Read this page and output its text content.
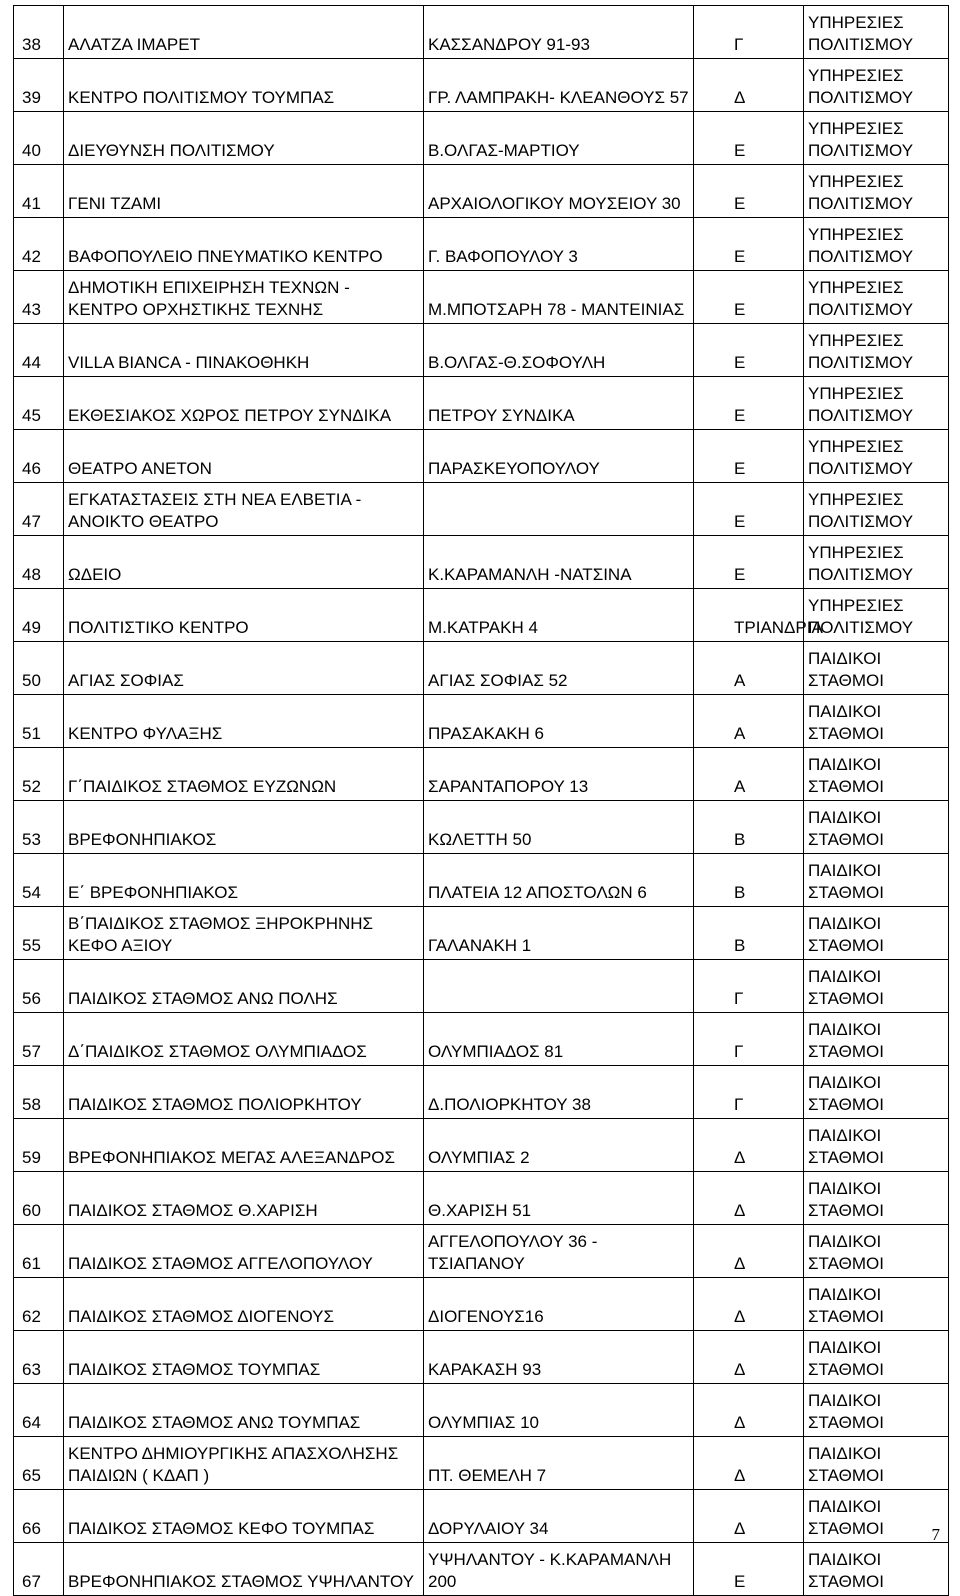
38	ΑΛΑΤΖΑ ΙΜΑΡΕΤ	ΚΑΣΣΑΝΔΡΟΥ 91-93	Γ	ΥΠΗΡΕΣΙΕΣ ΠΟΛΙΤΙΣΜΟΥ
39	ΚΕΝΤΡΟ ΠΟΛΙΤΙΣΜΟΥ ΤΟΥΜΠΑΣ	ΓΡ. ΛΑΜΠΡΑΚΗ- ΚΛΕΑΝΘΟΥΣ 57	Δ	ΥΠΗΡΕΣΙΕΣ ΠΟΛΙΤΙΣΜΟΥ
40	ΔΙΕΥΘΥΝΣΗ ΠΟΛΙΤΙΣΜΟΥ	Β.ΟΛΓΑΣ-ΜΑΡΤΙΟΥ	Ε	ΥΠΗΡΕΣΙΕΣ ΠΟΛΙΤΙΣΜΟΥ
41	ΓΕΝΙ ΤΖΑΜΙ	ΑΡΧΑΙΟΛΟΓΙΚΟΥ ΜΟΥΣΕΙΟΥ 30	Ε	ΥΠΗΡΕΣΙΕΣ ΠΟΛΙΤΙΣΜΟΥ
42	ΒΑΦΟΠΟΥΛΕΙΟ ΠΝΕΥΜΑΤΙΚΟ ΚΕΝΤΡΟ	Γ. ΒΑΦΟΠΟΥΛΟΥ 3	Ε	ΥΠΗΡΕΣΙΕΣ ΠΟΛΙΤΙΣΜΟΥ
43	ΔΗΜΟΤΙΚΗ ΕΠΙΧΕΙΡΗΣΗ ΤΕΧΝΩΝ - ΚΕΝΤΡΟ ΟΡΧΗΣΤΙΚΗΣ ΤΕΧΝΗΣ	Μ.ΜΠΟΤΣΑΡΗ 78 - ΜΑΝΤΕΙΝΙΑΣ	Ε	ΥΠΗΡΕΣΙΕΣ ΠΟΛΙΤΙΣΜΟΥ
44	VILLA BIANCA - ΠΙΝΑΚΟΘΗΚΗ	Β.ΟΛΓΑΣ-Θ.ΣΟΦΟΥΛΗ	Ε	ΥΠΗΡΕΣΙΕΣ ΠΟΛΙΤΙΣΜΟΥ
45	ΕΚΘΕΣΙΑΚΟΣ ΧΩΡΟΣ ΠΕΤΡΟΥ ΣΥΝΔΙΚΑ	ΠΕΤΡΟΥ ΣΥΝΔΙΚΑ	Ε	ΥΠΗΡΕΣΙΕΣ ΠΟΛΙΤΙΣΜΟΥ
46	ΘΕΑΤΡΟ ΑΝΕΤΟΝ	ΠΑΡΑΣΚΕΥΟΠΟΥΛΟΥ	Ε	ΥΠΗΡΕΣΙΕΣ ΠΟΛΙΤΙΣΜΟΥ
47	ΕΓΚΑΤΑΣΤΑΣΕΙΣ ΣΤΗ ΝΕΑ ΕΛΒΕΤΙΑ - ΑΝΟΙΚΤΟ ΘΕΑΤΡΟ		Ε	ΥΠΗΡΕΣΙΕΣ ΠΟΛΙΤΙΣΜΟΥ
48	ΩΔΕΙΟ	Κ.ΚΑΡΑΜΑΝΛΗ -ΝΑΤΣΙΝΑ	Ε	ΥΠΗΡΕΣΙΕΣ ΠΟΛΙΤΙΣΜΟΥ
49	ΠΟΛΙΤΙΣΤΙΚΟ ΚΕΝΤΡΟ	Μ.ΚΑΤΡΑΚΗ 4	ΤΡΙΑΝΔΡΙΑ	ΥΠΗΡΕΣΙΕΣ ΠΟΛΙΤΙΣΜΟΥ
50	ΑΓΙΑΣ ΣΟΦΙΑΣ	ΑΓΙΑΣ ΣΟΦΙΑΣ 52	Α	ΠΑΙΔΙΚΟΙ ΣΤΑΘΜΟΙ
51	ΚΕΝΤΡΟ ΦΥΛΑΞΗΣ	ΠΡΑΣΑΚΑΚΗ 6	Α	ΠΑΙΔΙΚΟΙ ΣΤΑΘΜΟΙ
52	Γ΄ΠΑΙΔΙΚΟΣ ΣΤΑΘΜΟΣ ΕΥΖΩΝΩΝ	ΣΑΡΑΝΤΑΠΟΡΟΥ 13	Α	ΠΑΙΔΙΚΟΙ ΣΤΑΘΜΟΙ
53	ΒΡΕΦΟΝΗΠΙΑΚΟΣ	ΚΩΛΕΤΤΗ 50	Β	ΠΑΙΔΙΚΟΙ ΣΤΑΘΜΟΙ
54	Ε΄ ΒΡΕΦΟΝΗΠΙΑΚΟΣ	ΠΛΑΤΕΙΑ 12 ΑΠΟΣΤΟΛΩΝ 6	Β	ΠΑΙΔΙΚΟΙ ΣΤΑΘΜΟΙ
55	Β΄ΠΑΙΔΙΚΟΣ ΣΤΑΘΜΟΣ ΞΗΡΟΚΡΗΝΗΣ ΚΕΦΟ ΑΞΙΟΥ	ΓΑΛΑΝΑΚΗ 1	Β	ΠΑΙΔΙΚΟΙ ΣΤΑΘΜΟΙ
56	ΠΑΙΔΙΚΟΣ ΣΤΑΘΜΟΣ ΑΝΩ ΠΟΛΗΣ		Γ	ΠΑΙΔΙΚΟΙ ΣΤΑΘΜΟΙ
57	Δ΄ΠΑΙΔΙΚΟΣ ΣΤΑΘΜΟΣ ΟΛΥΜΠΙΑΔΟΣ	ΟΛΥΜΠΙΑΔΟΣ 81	Γ	ΠΑΙΔΙΚΟΙ ΣΤΑΘΜΟΙ
58	ΠΑΙΔΙΚΟΣ ΣΤΑΘΜΟΣ ΠΟΛΙΟΡΚΗΤΟΥ	Δ.ΠΟΛΙΟΡΚΗΤΟΥ 38	Γ	ΠΑΙΔΙΚΟΙ ΣΤΑΘΜΟΙ
59	ΒΡΕΦΟΝΗΠΙΑΚΟΣ ΜΕΓΑΣ ΑΛΕΞΑΝΔΡΟΣ	ΟΛΥΜΠΙΑΣ 2	Δ	ΠΑΙΔΙΚΟΙ ΣΤΑΘΜΟΙ
60	ΠΑΙΔΙΚΟΣ ΣΤΑΘΜΟΣ Θ.ΧΑΡΙΣΗ	Θ.ΧΑΡΙΣΗ 51	Δ	ΠΑΙΔΙΚΟΙ ΣΤΑΘΜΟΙ
61	ΠΑΙΔΙΚΟΣ ΣΤΑΘΜΟΣ ΑΓΓΕΛΟΠΟΥΛΟΥ	ΑΓΓΕΛΟΠΟΥΛΟΥ 36 - ΤΣΙΑΠΑΝΟΥ	Δ	ΠΑΙΔΙΚΟΙ ΣΤΑΘΜΟΙ
62	ΠΑΙΔΙΚΟΣ ΣΤΑΘΜΟΣ ΔΙΟΓΕΝΟΥΣ	ΔΙΟΓΕΝΟΥΣ16	Δ	ΠΑΙΔΙΚΟΙ ΣΤΑΘΜΟΙ
63	ΠΑΙΔΙΚΟΣ ΣΤΑΘΜΟΣ ΤΟΥΜΠΑΣ	ΚΑΡΑΚΑΣΗ 93	Δ	ΠΑΙΔΙΚΟΙ ΣΤΑΘΜΟΙ
64	ΠΑΙΔΙΚΟΣ ΣΤΑΘΜΟΣ ΑΝΩ ΤΟΥΜΠΑΣ	ΟΛΥΜΠΙΑΣ 10	Δ	ΠΑΙΔΙΚΟΙ ΣΤΑΘΜΟΙ
65	ΚΕΝΤΡΟ ΔΗΜΙΟΥΡΓΙΚΗΣ ΑΠΑΣΧΟΛΗΣΗΣ ΠΑΙΔΙΩΝ ( ΚΔΑΠ )	ΠΤ. ΘΕΜΕΛΗ 7	Δ	ΠΑΙΔΙΚΟΙ ΣΤΑΘΜΟΙ
66	ΠΑΙΔΙΚΟΣ ΣΤΑΘΜΟΣ ΚΕΦΟ ΤΟΥΜΠΑΣ	ΔΟΡΥΛΑΙΟΥ 34	Δ	ΠΑΙΔΙΚΟΙ ΣΤΑΘΜΟΙ
67	ΒΡΕΦΟΝΗΠΙΑΚΟΣ ΣΤΑΘΜΟΣ ΥΨΗΛΑΝΤΟΥ	ΥΨΗΛΑΝΤΟΥ - Κ.ΚΑΡΑΜΑΝΛΗ 200	Ε	ΠΑΙΔΙΚΟΙ ΣΤΑΘΜΟΙ
7
